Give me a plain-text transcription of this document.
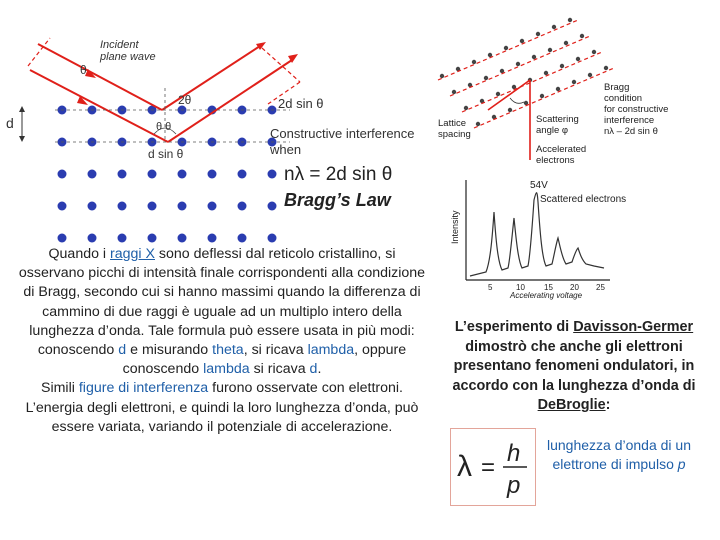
Incident
plane wave
θ
2θ
θ θ
d
d sin θ
2d sin θ
Constructive interference
when
nλ = 2d sin θ
Bragg’s Law
Bragg
condition
for constructive
interference
nλ – 2d sin θ
Lattice
spacing
Scattering
angle φ
Accelerated
electrons
54V
Scattered electrons
Intensity
5	10 15 20 25
Accelerating voltage
Quando i raggi X sono deflessi dal reticolo cristallino, si osservano picchi di intensità finale corrispondenti alla condizione di Bragg, secondo cui si hanno massimi quando la differenza di cammino di due raggi è uguale ad un multiplo intero della lunghezza d’onda. Tale formula può essere usata in più modi: conoscendo d e misurando theta, si ricava lambda, oppure conoscendo lambda si ricava d.
Simili figure di interferenza furono osservate con elettroni. L’energia degli elettroni, e quindi la loro lunghezza d’onda, può essere variata, variando il potenziale di accelerazione.
L’esperimento di Davisson-Germer dimostrò che anche gli elettroni presentano fenomeni ondulatori, in accordo con la lunghezza d’onda di DeBroglie:
λ =
h
p
lunghezza d’onda di un elettrone di impulso p
